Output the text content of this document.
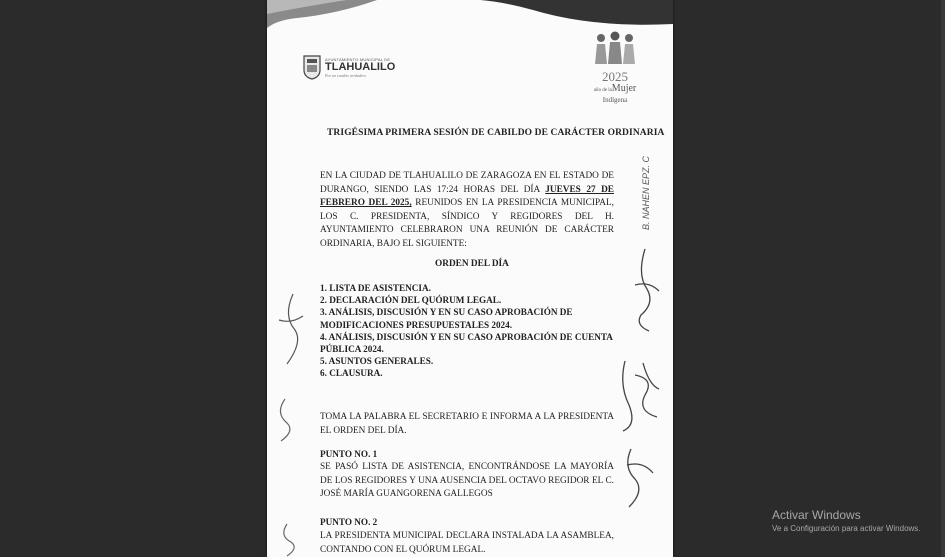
AYUNTAMIENTO MUNICIPAL DE
TLAHUALILO
Por un cambio verdadero	2025
año de laMujer
Indígena
TRIGÉSIMA PRIMERA SESIÓN DE CABILDO DE CARÁCTER ORDINARIA
EN LA CIUDAD DE TLAHUALILO DE ZARAGOZA EN EL ESTADO DE DURANGO, SIENDO LAS 17:24 HORAS DEL DÍA JUEVES 27 DE FEBRERO DEL 2025, REUNIDOS EN LA PRESIDENCIA MUNICIPAL, LOS C. PRESIDENTA, SÍNDICO Y REGIDORES DEL H. AYUNTAMIENTO CELEBRARON UNA REUNIÓN DE CARÁCTER ORDINARIA, BAJO EL SIGUIENTE:
ORDEN DEL DÍA
1. LISTA DE ASISTENCIA.
2. DECLARACIÓN DEL QUÓRUM LEGAL.
3. ANÁLISIS, DISCUSIÓN Y EN SU CASO APROBACIÓN DE MODIFICACIONES PRESUPUESTALES 2024.
4. ANÁLISIS, DISCUSIÓN Y EN SU CASO APROBACIÓN DE CUENTA PÚBLICA 2024.
5. ASUNTOS GENERALES.
6. CLAUSURA.
TOMA LA PALABRA EL SECRETARIO E INFORMA A LA PRESIDENTA EL ORDEN DEL DÍA.
PUNTO NO. 1
SE PASÓ LISTA DE ASISTENCIA, ENCONTRÁNDOSE LA MAYORÍA DE LOS REGIDORES Y UNA AUSENCIA DEL OCTAVO REGIDOR EL C. JOSÉ MARÍA GUANGORENA GALLEGOS
PUNTO NO. 2
LA PRESIDENTA MUNICIPAL DECLARA INSTALADA LA ASAMBLEA, CONTANDO CON EL QUÓRUM LEGAL.
B. NAHEN EPZ. C
Activar Windows
Ve a Configuración para activar Windows.
